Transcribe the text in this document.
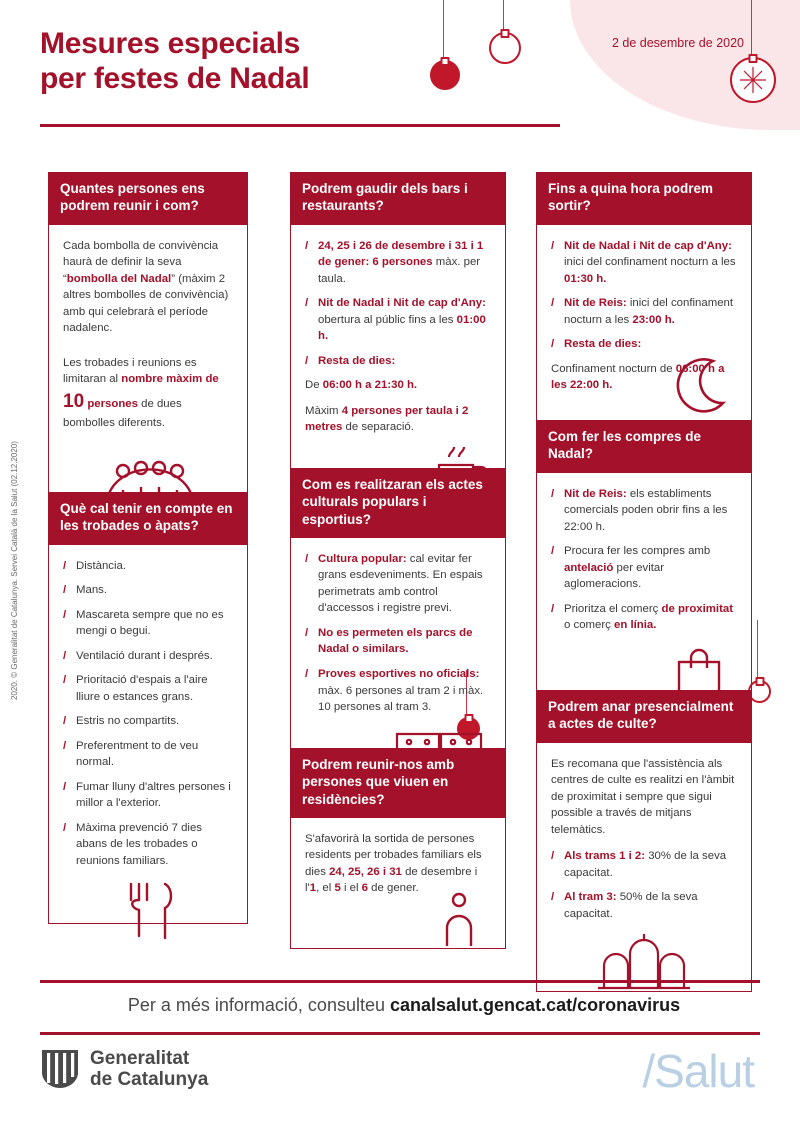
Mesures especials
per festes de Nadal
2 de desembre de 2020
2020. © Generalitat de Catalunya. Servei Català de la Salut (02.12.2020)
Quantes persones ens podrem reunir i com?

Cada bombolla de convivència haurà de definir la seva “bombolla del Nadal” (màxim 2 altres bombolles de convivència) amb qui celebrarà el període nadalenc.

Les trobades i reunions es limitaran al nombre màxim de 10 persones de dues bombolles diferents.

Podrem gaudir dels bars i restaurants?
/ 24, 25 i 26 de desembre i 31 i 1 de gener: 6 persones màx. per taula.
/ Nit de Nadal i Nit de cap d'Any: obertura al públic fins a les 01:00 h.
/ Resta de dies:

De 06:00 h a 21:30 h.

Màxim 4 persones per taula i 2 metres de separació.

Fins a quina hora podrem sortir?
/ Nit de Nadal i Nit de cap d'Any: inici del confinament nocturn a les 01:30 h.
/ Nit de Reis: inici del confinament nocturn a les 23:00 h.
/ Resta de dies:

Confinament nocturn de 06:00 h a les 22:00 h.

Què cal tenir en compte en les trobades o àpats?
/ Distància.
/ Mans.
/ Mascareta sempre que no es mengi o begui.
/ Ventilació durant i després.
/ Prioritació d'espais a l'aire lliure o estances grans.
/ Estris no compartits.
/ Preferentment to de veu normal.
/ Fumar lluny d'altres persones i millor a l'exterior.
/ Màxima prevenció 7 dies abans de les trobades o reunions familiars.
Com es realitzaran els actes culturals populars i esportius?
/ Cultura popular: cal evitar fer grans esdeveniments. En espais perimetrats amb control d'accessos i registre previ.
/ No es permeten els parcs de Nadal o similars.
/ Proves esportives no oficials: màx. 6 persones al tram 2 i màx. 10 persones al tram 3.
Com fer les compres de Nadal?
/ Nit de Reis: els establiments comercials poden obrir fins a les 22:00 h.
/ Procura fer les compres amb antelació per evitar aglomeracions.
/ Prioritza el comerç de proximitat o comerç en línia.
Podrem reunir-nos amb persones que viuen en residències?

S'afavorirà la sortida de persones residents per trobades familiars els dies 24, 25, 26 i 31 de desembre i l'1, el 5 i el 6 de gener.

Podrem anar presencialment a actes de culte?

Es recomana que l'assistència als centres de culte es realitzi en l'àmbit de proximitat i sempre que sigui possible a través de mitjans telemàtics.

/ Als trams 1 i 2: 30% de la seva capacitat.
/ Al tram 3: 50% de la seva capacitat.
Per a més informació, consulteu canalsalut.gencat.cat/coronavirus
Generalitat
de Catalunya	/Salut
